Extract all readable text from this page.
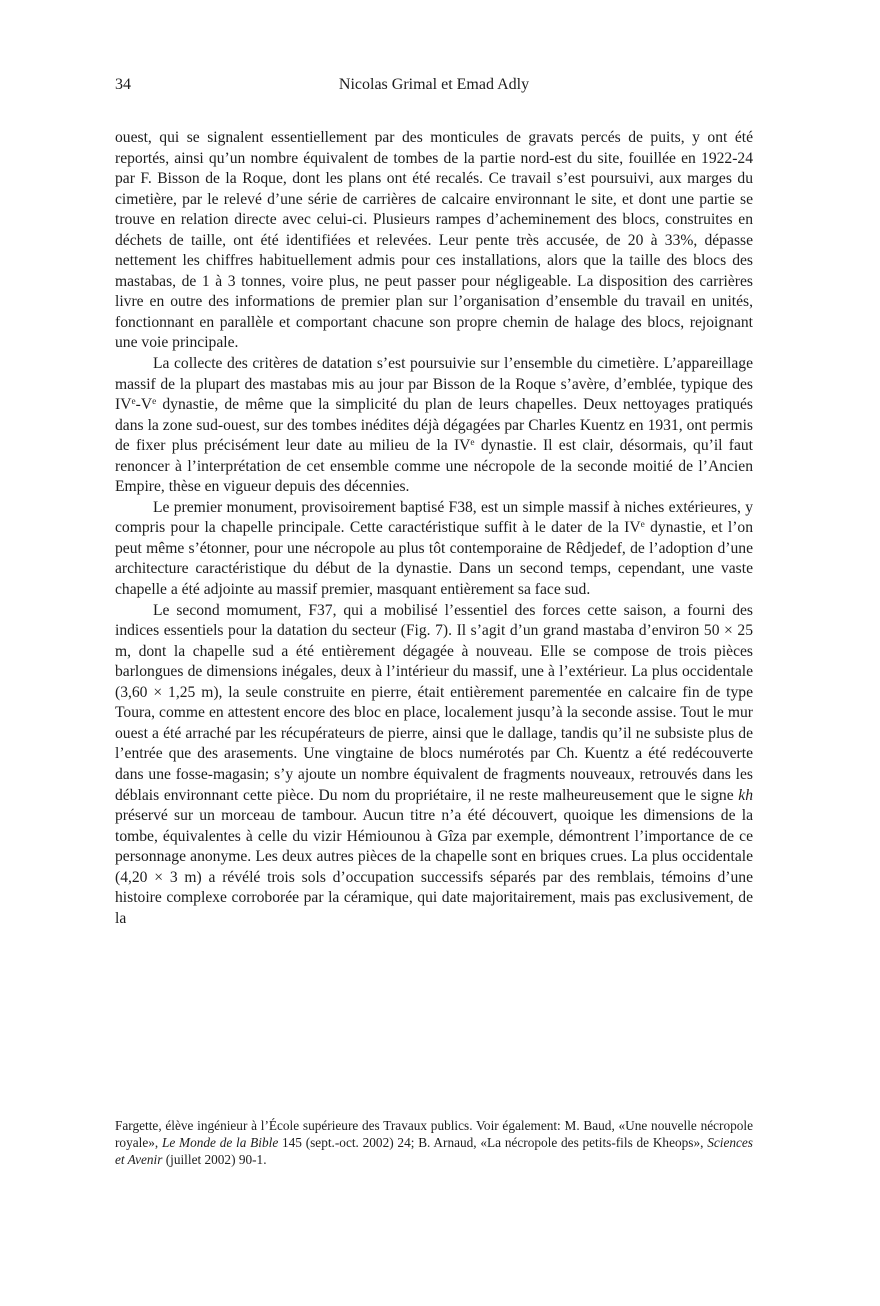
34	Nicolas Grimal et Emad Adly

ouest, qui se signalent essentiellement par des monticules de gravats percés de puits, y ont été reportés, ainsi qu’un nombre équivalent de tombes de la partie nord-est du site, fouillée en 1922-24 par F. Bisson de la Roque, dont les plans ont été recalés. Ce travail s’est poursuivi, aux marges du cimetière, par le relevé d’une série de carrières de calcaire environnant le site, et dont une partie se trouve en relation directe avec celui-ci. Plusieurs rampes d’acheminement des blocs, construites en déchets de taille, ont été identifiées et relevées. Leur pente très accusée, de 20 à 33%, dépasse nettement les chiffres habituellement admis pour ces installations, alors que la taille des blocs des mastabas, de 1 à 3 tonnes, voire plus, ne peut passer pour négligeable. La disposition des carrières livre en outre des informations de premier plan sur l’organisation d’ensemble du travail en unités, fonctionnant en parallèle et comportant chacune son propre chemin de halage des blocs, rejoignant une voie principale.

La collecte des critères de datation s’est poursuivie sur l’ensemble du cimetière. L’appareillage massif de la plupart des mastabas mis au jour par Bisson de la Roque s’avère, d’emblée, typique des IVe-Ve dynastie, de même que la simplicité du plan de leurs chapelles. Deux nettoyages pratiqués dans la zone sud-ouest, sur des tombes inédites déjà dégagées par Charles Kuentz en 1931, ont permis de fixer plus précisément leur date au milieu de la IVe dynastie. Il est clair, désormais, qu’il faut renoncer à l’interprétation de cet ensemble comme une nécropole de la seconde moitié de l’Ancien Empire, thèse en vigueur depuis des décennies.

Le premier monument, provisoirement baptisé F38, est un simple massif à niches extérieures, y compris pour la chapelle principale. Cette caractéristique suffit à le dater de la IVe dynastie, et l’on peut même s’étonner, pour une nécropole au plus tôt contemporaine de Rêdjedef, de l’adoption d’une architecture caractéristique du début de la dynastie. Dans un second temps, cependant, une vaste chapelle a été adjointe au massif premier, masquant entièrement sa face sud.

Le second momument, F37, qui a mobilisé l’essentiel des forces cette saison, a fourni des indices essentiels pour la datation du secteur (Fig. 7). Il s’agit d’un grand mastaba d’environ 50 × 25 m, dont la chapelle sud a été entièrement dégagée à nouveau. Elle se compose de trois pièces barlongues de dimensions inégales, deux à l’intérieur du massif, une à l’extérieur. La plus occidentale (3,60 × 1,25 m), la seule construite en pierre, était entièrement parementée en calcaire fin de type Toura, comme en attestent encore des bloc en place, localement jusqu’à la seconde assise. Tout le mur ouest a été arraché par les récupérateurs de pierre, ainsi que le dallage, tandis qu’il ne subsiste plus de l’entrée que des arasements. Une vingtaine de blocs numérotés par Ch. Kuentz a été redécouverte dans une fosse-magasin; s’y ajoute un nombre équivalent de fragments nouveaux, retrouvés dans les déblais environnant cette pièce. Du nom du propriétaire, il ne reste malheureusement que le signe kh préservé sur un morceau de tambour. Aucun titre n’a été découvert, quoique les dimensions de la tombe, équivalentes à celle du vizir Hémiounou à Gîza par exemple, démontrent l’importance de ce personnage anonyme. Les deux autres pièces de la chapelle sont en briques crues. La plus occidentale (4,20 × 3 m) a révélé trois sols d’occupation successifs séparés par des remblais, témoins d’une histoire complexe corroborée par la céramique, qui date majoritairement, mais pas exclusivement, de la

Fargette, élève ingénieur à l’École supérieure des Travaux publics. Voir également: M. Baud, «Une nouvelle nécropole royale», Le Monde de la Bible 145 (sept.-oct. 2002) 24; B. Arnaud, «La nécropole des petits-fils de Kheops», Sciences et Avenir (juillet 2002) 90-1.
